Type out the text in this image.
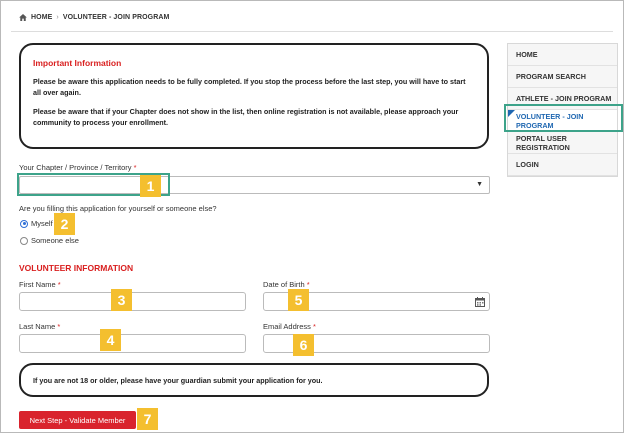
HOME › VOLUNTEER - JOIN PROGRAM
Important Information

Please be aware this application needs to be fully completed. If you stop the process before the last step, you will have to start all over again.

Please be aware that if your Chapter does not show in the list, then online registration is not available, please approach your community to process your enrollment.

Your Chapter / Province / Territory *
▼
1
Are you filling this application for yourself or someone else?
Myself 2
Someone else
VOLUNTEER INFORMATION
First Name *
3
Date of Birth *
5
Last Name *
4
Email Address *
6
If you are not 18 or older, please have your guardian submit your application for you.
Next Step - Validate Member	7
HOME
PROGRAM SEARCH
ATHLETE - JOIN PROGRAM
VOLUNTEER - JOIN PROGRAM
PORTAL USER REGISTRATION
LOGIN
